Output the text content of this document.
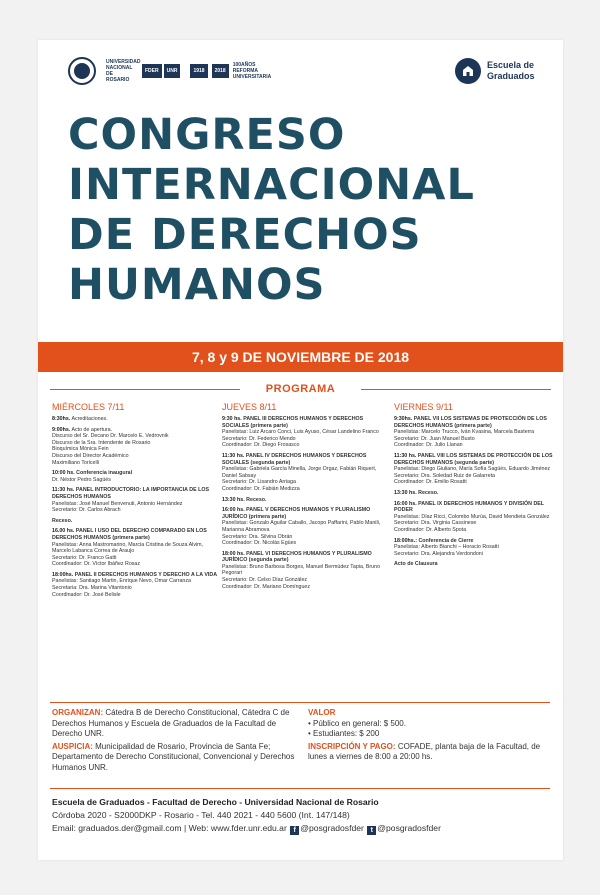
UNIVERSIDAD NACIONAL DE ROSARIO
FDER	UNR	1918	2018
100AÑOS REFORMA UNIVERSITARIA
Escuela de Graduados
CONGRESO
INTERNACIONAL
DE DERECHOS
HUMANOS
7, 8 y 9 DE NOVIEMBRE DE 2018
PROGRAMA
MIÉRCOLES 7/11
8:30hs. Acreditaciones.
9:00hs. Acto de apertura.
Discurso del Sr. Decano Dr. Marcelo E. Vedrovnik
Discurso de la Sra. Intendente de Rosario
Bioquímica Mónica Fein
Discurso del Director Académico
Maximiliano Toricelli
10:00 hs. Conferencia inaugural
Dr. Néstor Pedro Sagüés
11:30 hs. PANEL INTRODUCTORIO: LA IMPORTANCIA DE LOS DERECHOS HUMANOS
Panelistas: José Manuel Benvenuti, Antonio Hernández
Secretario: Dr. Carlos Abrach
Receso.
16.00 hs. PANEL I USO DEL DERECHO COMPARADO EN LOS DERECHOS HUMANOS (primera parte)
Panelistas: Anna Mastromarino, Marcia Cristina de Souza Alvim, Marcelo Labanca Correa de Araujo
Secretario: Dr. Franco Gatti
Coordinador: Dr. Víctor Ibáñez Rosaz
18:00hs. PANEL II DERECHOS HUMANOS Y DERECHO A LA VIDA
Panelistas: Santiago Martin, Enrique Nevo, Omar Carranza
Secretaria: Dra. Marina Vitantonio
Coordinador: Dr. José Belisle
JUEVES 8/11
9:30 hs. PANEL III DERECHOS HUMANOS Y DERECHOS SOCIALES (primera parte)
Panelistas: Luiz Arcaro Conci, Luis Ayuso, César Landelino Franco
Secretario: Dr. Federico Mendo
Coordinador: Dr. Diego Frosasco
11:30 hs. PANEL IV DERECHOS HUMANOS Y DERECHOS SOCIALES (segunda parte)
Panelistas: Gabriela García Minella, Jorge Orgaz, Fabián Riquert, Daniel Sabsay
Secretario: Dr. Lisandro Arriaga
Coordinador: Dr. Fabián Medizza
13:30 hs. Receso.
16:00 hs. PANEL V DERECHOS HUMANOS Y PLURALISMO JURÍDICO (primera parte)
Panelistas: Gonzalo Aguilar Caballo, Jacopo Paffarini, Pablo Manili, Marianna Abramova
Secretario: Dra. Silvina Obrán
Coordinador: Dr. Nicolás Egües
18:00 hs. PANEL VI DERECHOS HUMANOS Y PLURALISMO JURÍDICO (segunda parte)
Panelistas: Bruno Barbosa Borges, Manuel Bermúdez Tapia, Bruno Pegorari
Secretario: Dr. Celso Díaz González
Coordinador: Dr. Mariano Domínguez
VIERNES 9/11
9:30hs. PANEL VII LOS SISTEMAS DE PROTECCIÓN DE LOS DERECHOS HUMANOS (primera parte)
Panelistas: Marcelo Trucco, Iván Kvasina, Marcela Basterra
Secretario: Dr. Juan Manuel Busto
Coordinador: Dr. Julio Llanan
11:30 hs. PANEL VIII LOS SISTEMAS DE PROTECCIÓN DE LOS DERECHOS HUMANOS (segunda parte)
Panelistas: Diego Giuliano, María Sofía Sagüés, Eduardo Jiménez
Secretario: Dra. Soledad Ruiz de Galarreta
Coordinador: Dr. Emilio Rosatti
13:30 hs. Receso.
16:00 hs. PANEL IX DERECHOS HUMANOS Y DIVISIÓN DEL PODER
Panelistas: Díaz Ricci, Colombo Murúa, David Mendieta González
Secretario: Dra. Virginia Cassinese
Coordinador: Dr. Alberto Spota
18:00hs.: Conferencia de Cierre
Panelistas: Alberto Bianchi – Horacio Rosatti
Secretario: Dra. Alejandra Verdondoni
Acto de Clausura
ORGANIZAN: Cátedra B de Derecho Constitucional, Cátedra C de Derechos Humanos y Escuela de Graduados de la Facultad de Derecho UNR.
AUSPICIA: Municipalidad de Rosario, Provincia de Santa Fe; Departamento de Derecho Constitucional, Convencional y Derechos Humanos UNR.
VALOR
• Público en general: $ 500.
• Estudiantes: $ 200
INSCRIPCIÓN Y PAGO: COFADE, planta baja de la Facultad, de lunes a viernes de 8:00 a 20:00 hs.
Escuela de Graduados - Facultad de Derecho - Universidad Nacional de Rosario
Córdoba 2020 - S2000DKP - Rosario - Tel. 440 2021 - 440 5600 (Int. 147/148)
Email: graduados.der@gmail.com | Web: www.fder.unr.edu.ar f @posgradosfder t @posgradosfder
